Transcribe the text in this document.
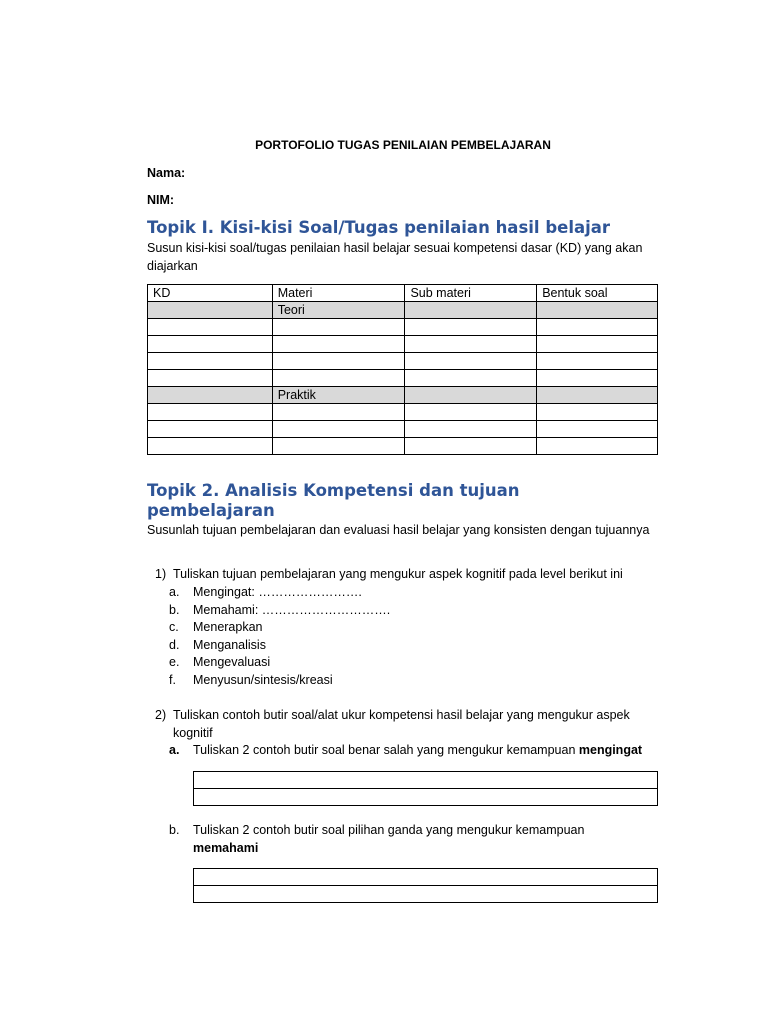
PORTOFOLIO TUGAS PENILAIAN PEMBELAJARAN
Nama:
NIM:
Topik I. Kisi-kisi Soal/Tugas penilaian hasil belajar
Susun kisi-kisi soal/tugas penilaian hasil belajar sesuai kompetensi dasar (KD) yang akan diajarkan
KD	Materi	Sub materi	Bentuk soal
	Teori		

	Praktik		

Topik 2. Analisis Kompetensi dan tujuan
pembelajaran
Susunlah tujuan pembelajaran dan evaluasi hasil belajar yang konsisten dengan tujuannya
1) Tuliskan tujuan pembelajaran yang mengukur aspek kognitif pada level berikut ini
a.	Mengingat: …………………….
b.	Memahami: ………………………….
c.	Menerapkan
d.	Menganalisis
e.	Mengevaluasi
f.	Menyusun/sintesis/kreasi
2) Tuliskan contoh butir soal/alat ukur kompetensi hasil belajar yang mengukur aspek kognitif
a.	Tuliskan 2 contoh butir soal benar salah yang mengukur kemampuan mengingat

b.	Tuliskan 2 contoh butir soal pilihan ganda yang mengukur kemampuan memahami
